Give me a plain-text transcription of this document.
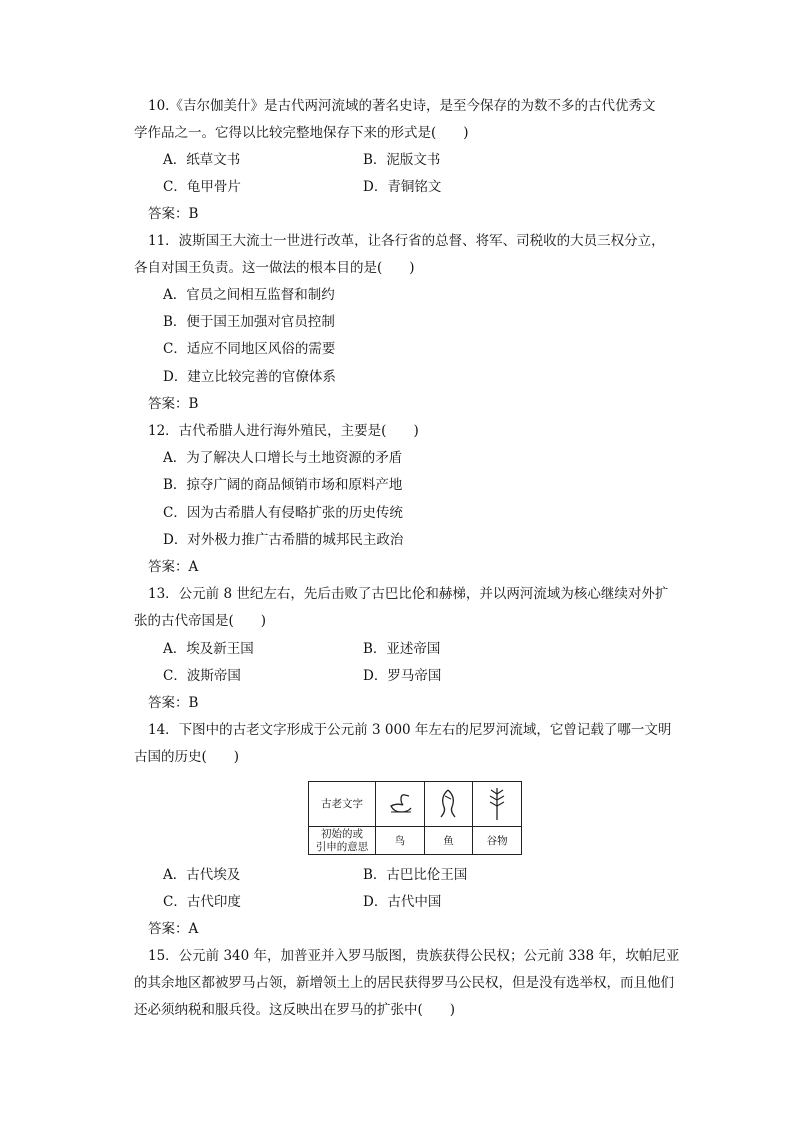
10.《吉尔伽美什》是古代两河流域的著名史诗，是至今保存的为数不多的古代优秀文
学作品之一。它得以比较完整地保存下来的形式是(　　)
A．纸草文书	B．泥版文书
C．龟甲骨片	D．青铜铭文
答案：B
11．波斯国王大流士一世进行改革，让各行省的总督、将军、司税收的大员三权分立，
各自对国王负责。这一做法的根本目的是(　　)
A．官员之间相互监督和制约
B．便于国王加强对官员控制
C．适应不同地区风俗的需要
D．建立比较完善的官僚体系
答案：B
12．古代希腊人进行海外殖民，主要是(　　)
A．为了解决人口增长与土地资源的矛盾
B．掠夺广阔的商品倾销市场和原料产地
C．因为古希腊人有侵略扩张的历史传统
D．对外极力推广古希腊的城邦民主政治
答案：A
13．公元前 8 世纪左右，先后击败了古巴比伦和赫梯，并以两河流域为核心继续对外扩
张的古代帝国是(　　)
A．埃及新王国	B．亚述帝国
C．波斯帝国	D．罗马帝国
答案：B
14．下图中的古老文字形成于公元前 3 000 年左右的尼罗河流域，它曾记载了哪一文明
古国的历史(　　)
古老文字	

初始的或
引申的意思	鸟	鱼	谷物
A．古代埃及	B．古巴比伦王国
C．古代印度	D．古代中国
答案：A
15．公元前 340 年，加普亚并入罗马版图，贵族获得公民权；公元前 338 年，坎帕尼亚
的其余地区都被罗马占领，新增领土上的居民获得罗马公民权，但是没有选举权，而且他们
还必须纳税和服兵役。这反映出在罗马的扩张中(　　)
